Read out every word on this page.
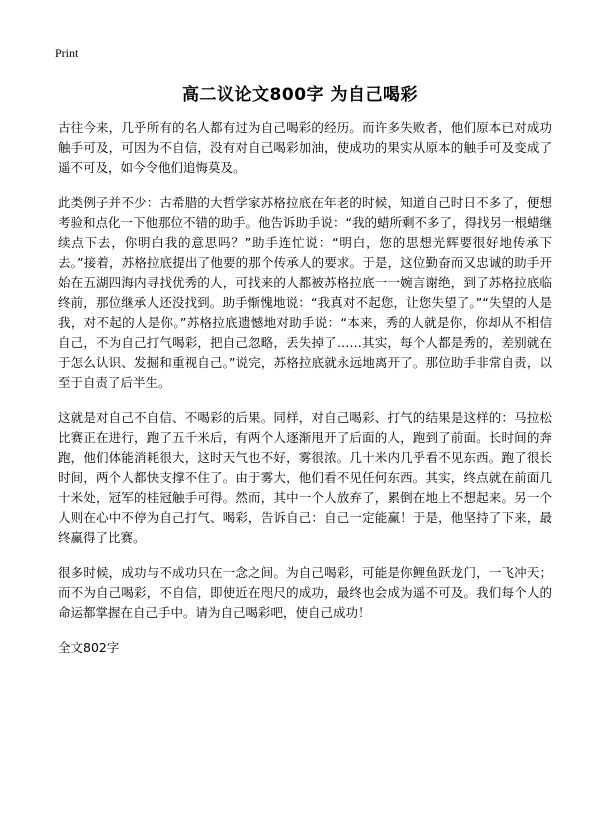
Print
高二议论文800字 为自己喝彩

古往今来，几乎所有的名人都有过为自己喝彩的经历。而许多失败者，他们原本已对成功触手可及，可因为不自信，没有对自己喝彩加油，使成功的果实从原本的触手可及变成了遥不可及，如今令他们追悔莫及。

此类例子并不少：古希腊的大哲学家苏格拉底在年老的时候，知道自己时日不多了，便想考验和点化一下他那位不错的助手。他告诉助手说：“我的蜡所剩不多了，得找另一根蜡继续点下去，你明白我的意思吗？”助手连忙说：“明白，您的思想光辉要很好地传承下去。”接着，苏格拉底提出了他要的那个传承人的要求。于是，这位勤奋而又忠诚的助手开始在五湖四海内寻找优秀的人，可找来的人都被苏格拉底一一婉言谢绝，到了苏格拉底临终前，那位继承人还没找到。助手惭愧地说：“我真对不起您，让您失望了。”“失望的人是我，对不起的人是你。”苏格拉底遗憾地对助手说：“本来，秀的人就是你，你却从不相信自己，不为自己打气喝彩，把自己忽略，丢失掉了……其实，每个人都是秀的，差别就在于怎么认识、发掘和重视自己。”说完，苏格拉底就永远地离开了。那位助手非常自责，以至于自责了后半生。

这就是对自己不自信、不喝彩的后果。同样，对自己喝彩、打气的结果是这样的：马拉松比赛正在进行，跑了五千米后，有两个人逐渐甩开了后面的人，跑到了前面。长时间的奔跑，他们体能消耗很大，这时天气也不好，雾很浓。几十米内几乎看不见东西。跑了很长时间，两个人都快支撑不住了。由于雾大，他们看不见任何东西。其实，终点就在前面几十米处，冠军的桂冠触手可得。然而，其中一个人放弃了，累倒在地上不想起来。另一个人则在心中不停为自己打气、喝彩，告诉自己：自己一定能赢！于是，他坚持了下来，最终赢得了比赛。

很多时候，成功与不成功只在一念之间。为自己喝彩，可能是你鲤鱼跃龙门，一飞冲天；而不为自己喝彩，不自信，即使近在咫尺的成功，最终也会成为遥不可及。我们每个人的命运都掌握在自己手中。请为自己喝彩吧，使自己成功！

全文802字
